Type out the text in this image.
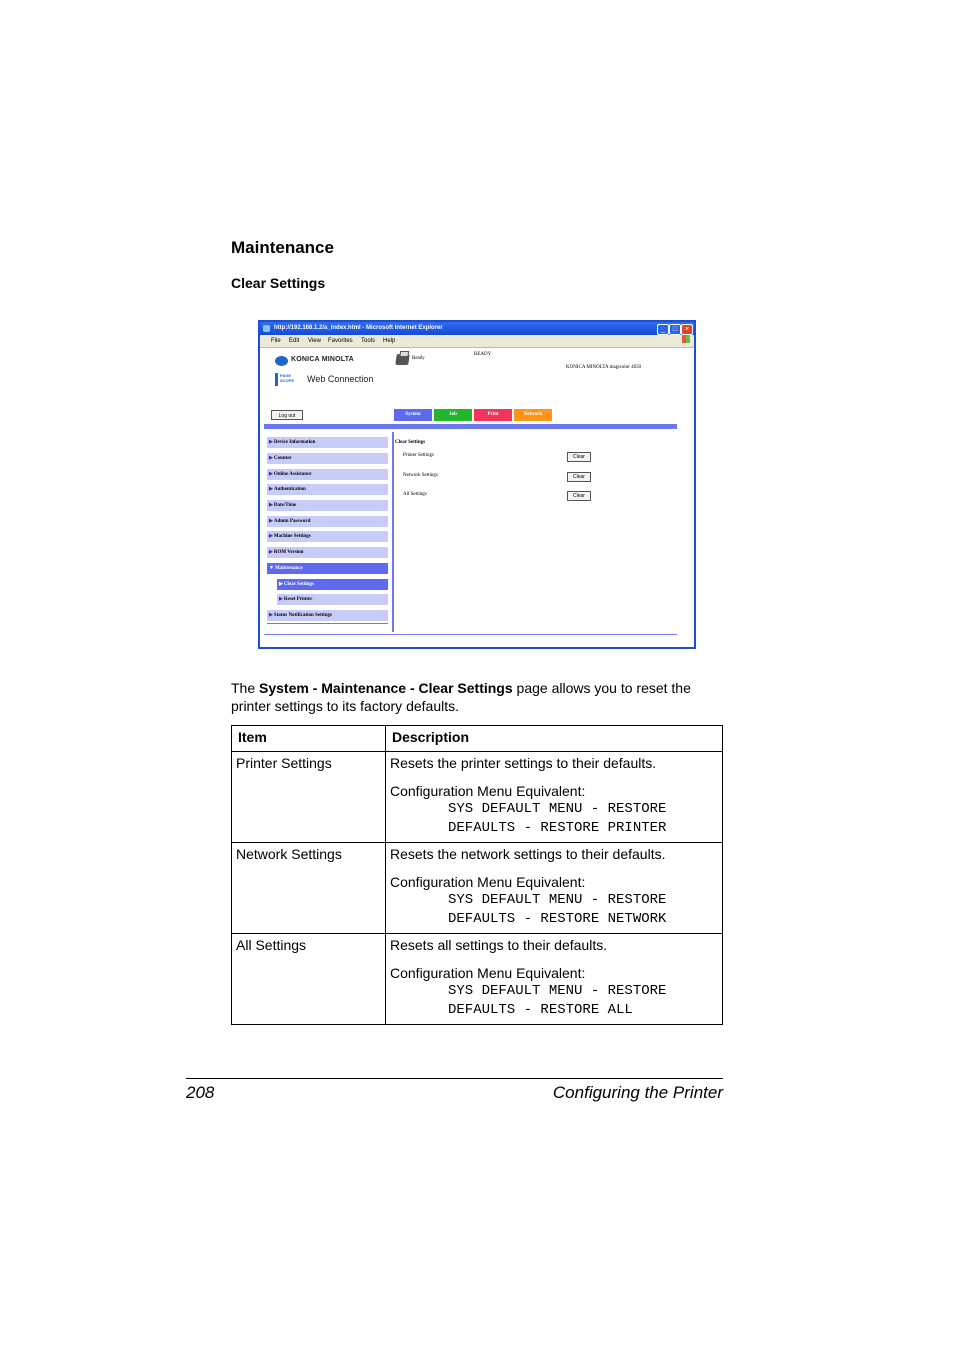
Maintenance
Clear Settings
http://192.168.1.2/a_index.html - Microsoft Internet Explorer	_	□	×
File Edit View Favorites Tools Help
KONICA MINOLTA
PAGE SCOPE	Web Connection
Ready
READY
KONICA MINOLTA magicolor 4650
Log out	System	Job	Print	Network
▶Device Information
▶Counter
▶Online Assistance
▶Authentication
▶Date/Time
▶Admin Password
▶Machine Settings
▶ROM Version
▼Maintenance
▶Clear Settings
▶Reset Printer
▶Status Notification Settings
Clear Settings
Printer Settings	Clear
Network Settings	Clear
All Settings	Clear
The System - Maintenance - Clear Settings page allows you to reset the printer settings to its factory defaults.
Item	Description
Printer Settings	Resets the printer settings to their defaults.
Configuration Menu Equivalent:
SYS DEFAULT MENU - RESTORE
DEFAULTS - RESTORE PRINTER

Network Settings	Resets the network settings to their defaults.
Configuration Menu Equivalent:
SYS DEFAULT MENU - RESTORE
DEFAULTS - RESTORE NETWORK

All Settings	Resets all settings to their defaults.
Configuration Menu Equivalent:
SYS DEFAULT MENU - RESTORE
DEFAULTS - RESTORE ALL
208	Configuring the Printer
